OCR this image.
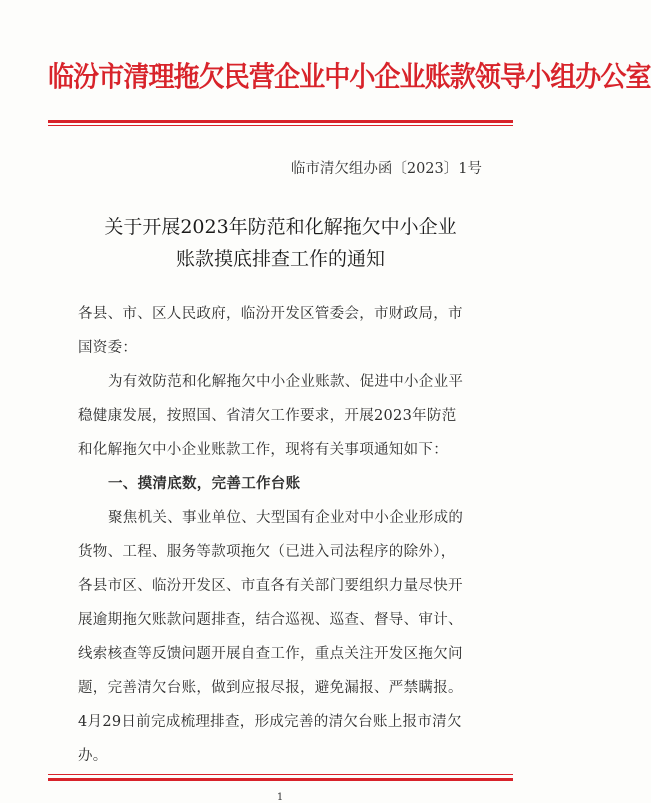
临汾市清理拖欠民营企业中小企业账款领导小组办公室
临市清欠组办函〔2023〕1号
关于开展2023年防范和化解拖欠中小企业
账款摸底排查工作的通知
各县、市、区人民政府，临汾开发区管委会，市财政局，市
国资委：
为有效防范和化解拖欠中小企业账款、促进中小企业平
稳健康发展，按照国、省清欠工作要求，开展2023年防范
和化解拖欠中小企业账款工作，现将有关事项通知如下：
一、摸清底数，完善工作台账
聚焦机关、事业单位、大型国有企业对中小企业形成的
货物、工程、服务等款项拖欠（已进入司法程序的除外），
各县市区、临汾开发区、市直各有关部门要组织力量尽快开
展逾期拖欠账款问题排查，结合巡视、巡查、督导、审计、
线索核查等反馈问题开展自查工作，重点关注开发区拖欠问
题，完善清欠台账，做到应报尽报，避免漏报、严禁瞒报。
4月29日前完成梳理排查，形成完善的清欠台账上报市清欠
办。
1
